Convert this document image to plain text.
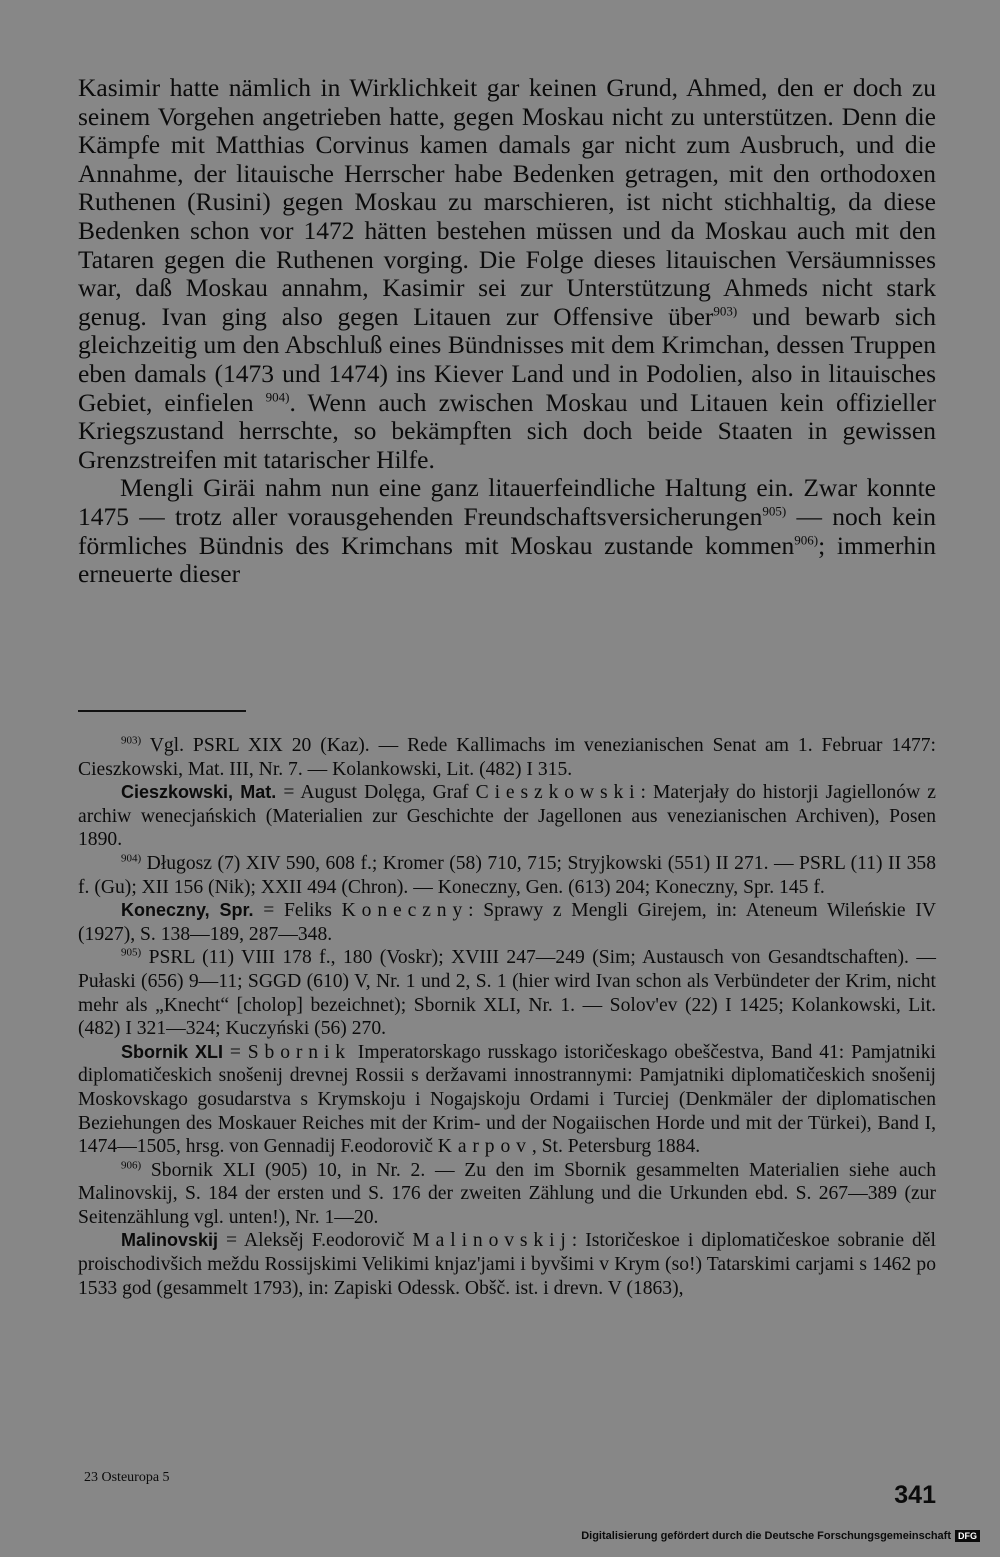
Kasimir hatte nämlich in Wirklichkeit gar keinen Grund, Ahmed, den er doch zu seinem Vorgehen angetrieben hatte, gegen Moskau nicht zu unterstützen. Denn die Kämpfe mit Matthias Corvinus kamen damals gar nicht zum Ausbruch, und die Annahme, der litauische Herrscher habe Bedenken getragen, mit den orthodoxen Ruthenen (Rusini) gegen Moskau zu marschieren, ist nicht stichhaltig, da diese Bedenken schon vor 1472 hätten bestehen müssen und da Moskau auch mit den Tataren gegen die Ruthenen vorging. Die Folge dieses litauischen Versäumnisses war, daß Moskau annahm, Kasimir sei zur Unterstützung Ahmeds nicht stark genug. Ivan ging also gegen Litauen zur Offensive über$^{903)}$ und bewarb sich gleichzeitig um den Abschluß eines Bündnisses mit dem Krimchan, dessen Truppen eben damals (1473 und 1474) ins Kiever Land und in Podolien, also in litauisches Gebiet, einfielen $^{904)}$. Wenn auch zwischen Moskau und Litauen kein offizieller Kriegszustand herrschte, so bekämpften sich doch beide Staaten in gewissen Grenzstreifen mit tatarischer Hilfe.

Mengli Giräi nahm nun eine ganz litauerfeindliche Haltung ein. Zwar konnte 1475 — trotz aller vorausgehenden Freundschaftsversicherungen$^{905)}$ — noch kein förmliches Bündnis des Krimchans mit Moskau zustande kommen$^{906)}$; immerhin erneuerte dieser

$^{903)}$ Vgl. PSRL XIX 20 (Kaz). — Rede Kallimachs im venezianischen Senat am 1. Februar 1477: Cieszkowski, Mat. III, Nr. 7. — Kolankowski, Lit. (482) I 315.

Cieszkowski, Mat. = August Dolęga, Graf Cieszkowski: Materjały do historji Jagiellonów z archiw wenecjańskich (Materialien zur Geschichte der Jagellonen aus venezianischen Archiven), Posen 1890.

$^{904)}$ Długosz (7) XIV 590, 608 f.; Kromer (58) 710, 715; Stryjkowski (551) II 271. — PSRL (11) II 358 f. (Gu); XII 156 (Nik); XXII 494 (Chron). — Koneczny, Gen. (613) 204; Koneczny, Spr. 145 f.

Koneczny, Spr. = Feliks Koneczny: Sprawy z Mengli Girejem, in: Ateneum Wileńskie IV (1927), S. 138—189, 287—348.

$^{905)}$ PSRL (11) VIII 178 f., 180 (Voskr); XVIII 247—249 (Sim; Austausch von Gesandtschaften). — Pułaski (656) 9—11; SGGD (610) V, Nr. 1 und 2, S. 1 (hier wird Ivan schon als Verbündeter der Krim, nicht mehr als „Knecht“ [cholop] bezeichnet); Sbornik XLI, Nr. 1. — Solov'ev (22) I 1425; Kolankowski, Lit. (482) I 321—324; Kuczyński (56) 270.

Sbornik XLI = Sbornik Imperatorskago russkago istoričeskago obeščestva, Band 41: Pamjatniki diplomatičeskich snošenij drevnej Rossii s deržavami innostrannymi: Pamjatniki diplomatičeskich snošenij Moskovskago gosudarstva s Krymskoju i Nogajskoju Ordami i Turciej (Denkmäler der diplomatischen Beziehungen des Moskauer Reiches mit der Krim- und der Nogaiischen Horde und mit der Türkei), Band I, 1474—1505, hrsg. von Gennadij F.eodorovič Karpov, St. Petersburg 1884.

$^{906)}$ Sbornik XLI (905) 10, in Nr. 2. — Zu den im Sbornik gesammelten Materialien siehe auch Malinovskij, S. 184 der ersten und S. 176 der zweiten Zählung und die Urkunden ebd. S. 267—389 (zur Seitenzählung vgl. unten!), Nr. 1—20.

Malinovskij = Aleksěj F.eodorovič Malinovskij: Istoričeskoe i diplomatičeskoe sobranie děl proischodivšich meždu Rossijskimi Velikimi knjaz'jami i byvšimi v Krym (so!) Tatarskimi carjami s 1462 po 1533 god (gesammelt 1793), in: Zapiski Odessk. Obšč. ist. i drevn. V (1863),

23 Osteuropa 5
341
Digitalisierung gefördert durch die Deutsche Forschungsgemeinschaft DFG
